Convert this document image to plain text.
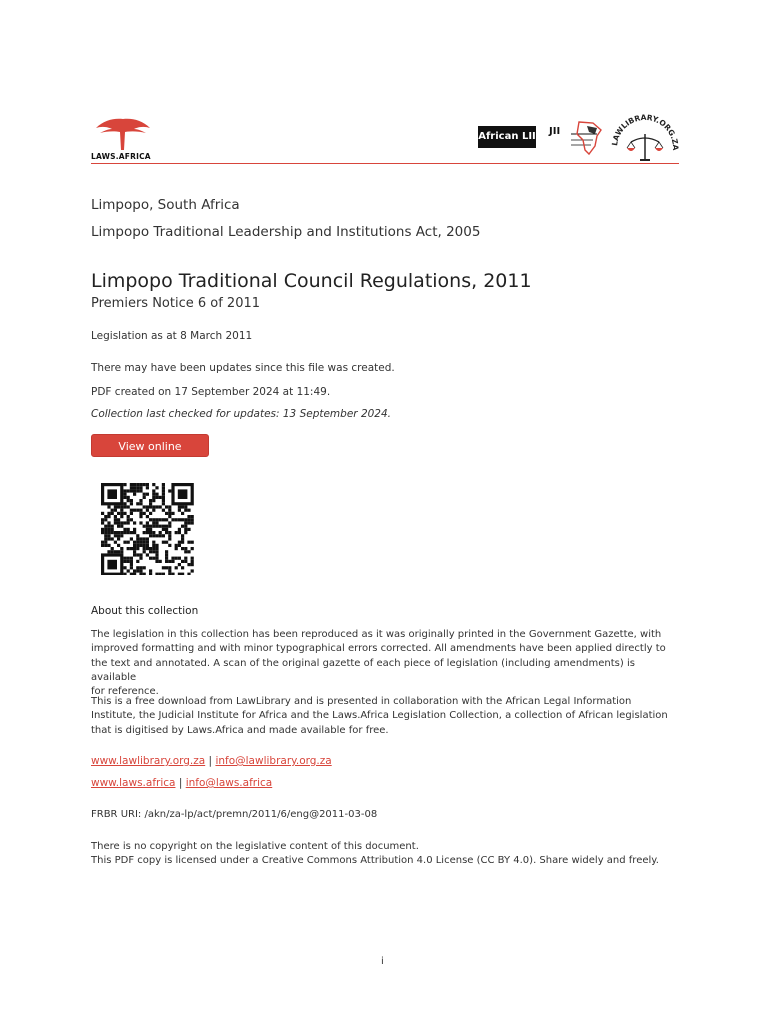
LAWS.AFRICA
African LII JII
LAWLIBRARY.ORG.Z
Limpopo, South Africa
Limpopo Traditional Leadership and Institutions Act, 2005
Limpopo Traditional Council Regulations, 2011
Premiers Notice 6 of 2011
Legislation as at 8 March 2011
There may have been updates since this file was created.
PDF created on 17 September 2024 at 11:49.
Collection last checked for updates: 13 September 2024.
View online
About this collection
The legislation in this collection has been reproduced as it was originally printed in the Government Gazette, with
improved formatting and with minor typographical errors corrected. All amendments have been applied directly to
the text and annotated. A scan of the original gazette of each piece of legislation (including amendments) is available
for reference.
This is a free download from LawLibrary and is presented in collaboration with the African Legal Information
Institute, the Judicial Institute for Africa and the Laws.Africa Legislation Collection, a collection of African legislation
that is digitised by Laws.Africa and made available for free.
www.lawlibrary.org.za | info@lawlibrary.org.za
www.laws.africa | info@laws.africa
FRBR URI: /akn/za-lp/act/premn/2011/6/eng@2011-03-08
There is no copyright on the legislative content of this document.
This PDF copy is licensed under a Creative Commons Attribution 4.0 License (CC BY 4.0). Share widely and freely.
i
